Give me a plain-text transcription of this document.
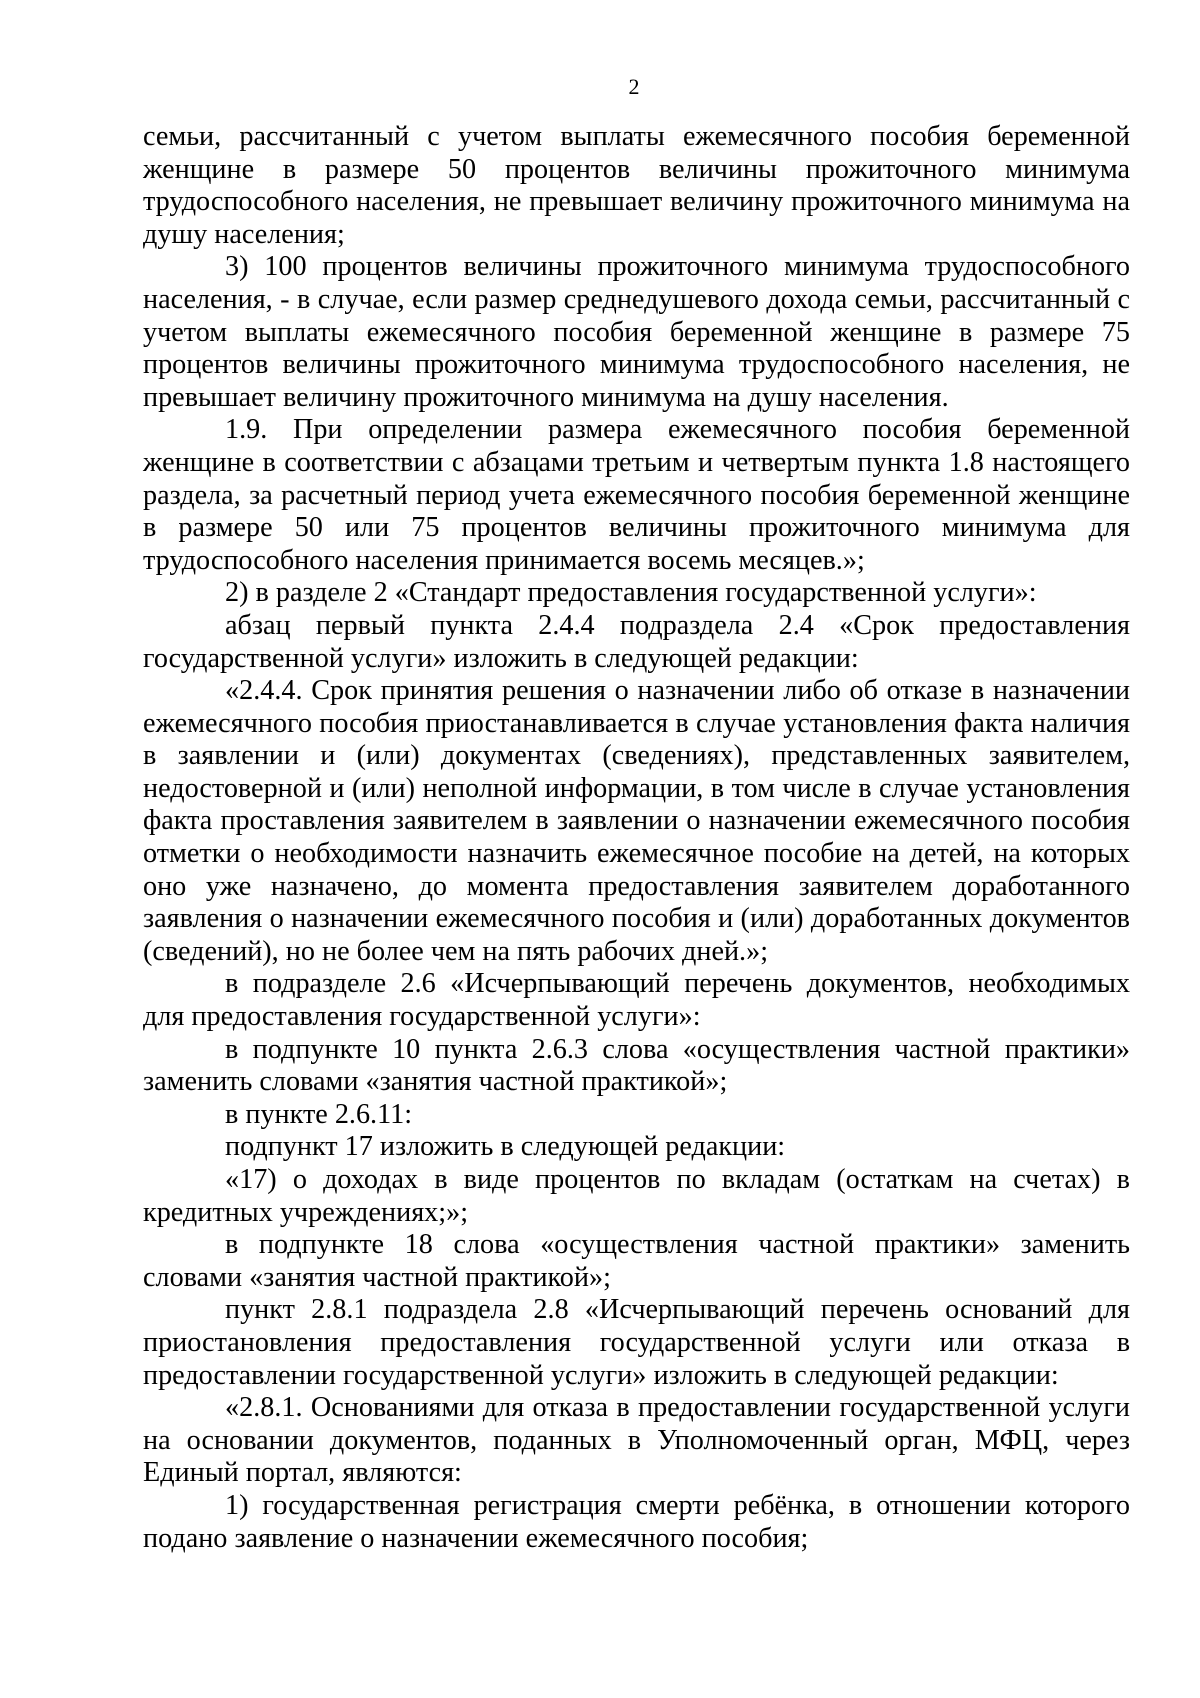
2

семьи, рассчитанный с учетом выплаты ежемесячного пособия беременной женщине в размере 50 процентов величины прожиточного минимума трудоспособного населения, не превышает величину прожиточного минимума на душу населения;

3) 100 процентов величины прожиточного минимума трудоспособного населения, - в случае, если размер среднедушевого дохода семьи, рассчитанный с учетом выплаты ежемесячного пособия беременной женщине в размере 75 процентов величины прожиточного минимума трудоспособного населения, не превышает величину прожиточного минимума на душу населения.

1.9. При определении размера ежемесячного пособия беременной женщине в соответствии с абзацами третьим и четвертым пункта 1.8 настоящего раздела, за расчетный период учета ежемесячного пособия беременной женщине в размере 50 или 75 процентов величины прожиточного минимума для трудоспособного населения принимается восемь месяцев.»;

2) в разделе 2 «Стандарт предоставления государственной услуги»:

абзац первый пункта 2.4.4 подраздела 2.4 «Срок предоставления государственной услуги» изложить в следующей редакции:

«2.4.4. Срок принятия решения о назначении либо об отказе в назначении ежемесячного пособия приостанавливается в случае установления факта наличия в заявлении и (или) документах (сведениях), представленных заявителем, недостоверной и (или) неполной информации, в том числе в случае установления факта проставления заявителем в заявлении о назначении ежемесячного пособия отметки о необходимости назначить ежемесячное пособие на детей, на которых оно уже назначено, до момента предоставления заявителем доработанного заявления о назначении ежемесячного пособия и (или) доработанных документов (сведений), но не более чем на пять рабочих дней.»;

в подразделе 2.6 «Исчерпывающий перечень документов, необходимых для предоставления государственной услуги»:

в подпункте 10 пункта 2.6.3 слова «осуществления частной практики» заменить словами «занятия частной практикой»;

в пункте 2.6.11:

подпункт 17 изложить в следующей редакции:

«17) о доходах в виде процентов по вкладам (остаткам на счетах) в кредитных учреждениях;»;

в подпункте 18 слова «осуществления частной практики» заменить словами «занятия частной практикой»;

пункт 2.8.1 подраздела 2.8 «Исчерпывающий перечень оснований для приостановления предоставления государственной услуги или отказа в предоставлении государственной услуги» изложить в следующей редакции:

«2.8.1. Основаниями для отказа в предоставлении государственной услуги на основании документов, поданных в Уполномоченный орган, МФЦ, через Единый портал, являются:

1) государственная регистрация смерти ребёнка, в отношении которого подано заявление о назначении ежемесячного пособия;
